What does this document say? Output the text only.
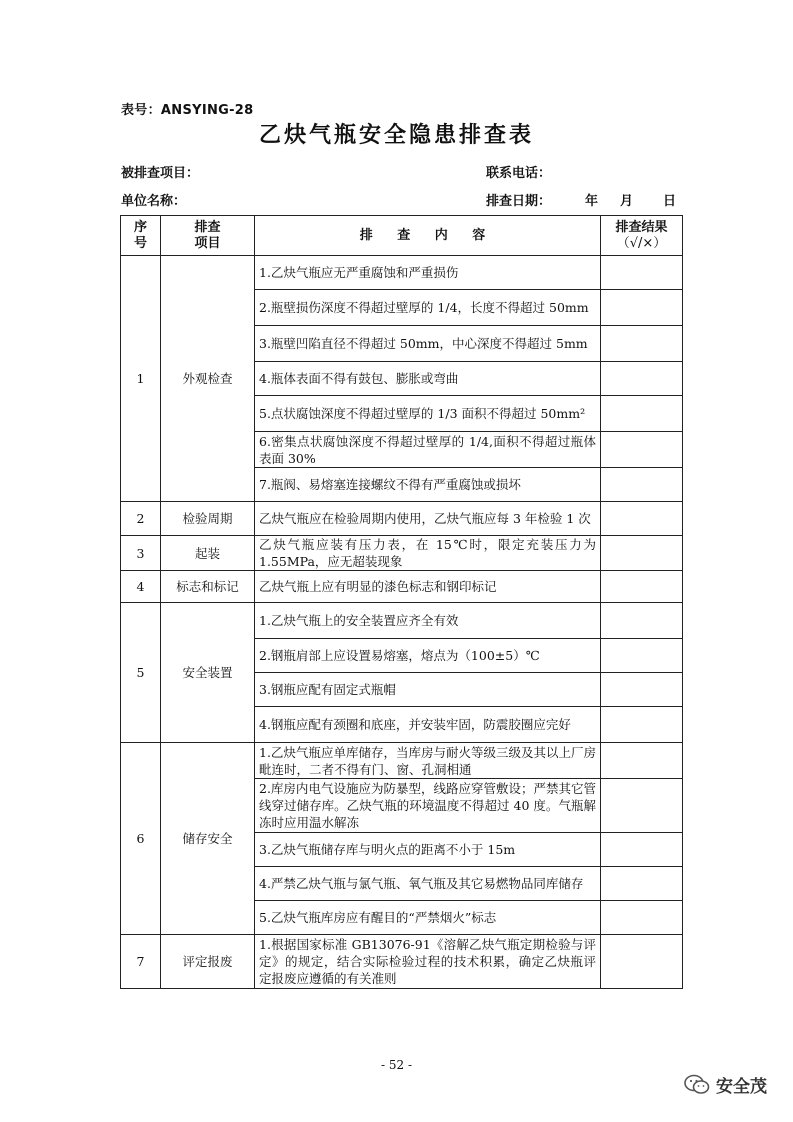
表号：ANSYING-28
乙炔气瓶安全隐患排查表
被排查项目：	联系电话：
单位名称：	排查日期：	年 月 日
序号	排查项目	排 查 内 容	排查结果
（√/×）

1	外观检查	1.乙炔气瓶应无严重腐蚀和严重损伤	
		2.瓶壁损伤深度不得超过壁厚的 1/4，长度不得超过 50mm	
		3.瓶壁凹陷直径不得超过 50mm，中心深度不得超过 5mm	
		4.瓶体表面不得有鼓包、膨胀或弯曲	
		5.点状腐蚀深度不得超过壁厚的 1/3 面积不得超过 50mm²	
		6.密集点状腐蚀深度不得超过壁厚的 1/4,面积不得超过瓶体表面 30%	
		7.瓶阀、易熔塞连接螺纹不得有严重腐蚀或损坏	
2	检验周期	乙炔气瓶应在检验周期内使用，乙炔气瓶应每 3 年检验 1 次	
3	起装	乙炔气瓶应装有压力表，在 15℃时，限定充装压力为 1.55MPa，应无超装现象	
4	标志和标记	乙炔气瓶上应有明显的漆色标志和钢印标记	
5	安全装置	1.乙炔气瓶上的安全装置应齐全有效	
		2.钢瓶肩部上应设置易熔塞，熔点为（100±5）℃	
		3.钢瓶应配有固定式瓶帽	
		4.钢瓶应配有颈圈和底座，并安装牢固，防震胶圈应完好	
6	储存安全	1.乙炔气瓶应单库储存，当库房与耐火等级三级及其以上厂房毗连时，二者不得有门、窗、孔洞相通	
		2.库房内电气设施应为防暴型，线路应穿管敷设；严禁其它管线穿过储存库。乙炔气瓶的环境温度不得超过 40 度。气瓶解冻时应用温水解冻	
		3.乙炔气瓶储存库与明火点的距离不小于 15m	
		4.严禁乙炔气瓶与氯气瓶、氧气瓶及其它易燃物品同库储存	
		5.乙炔气瓶库房应有醒目的“严禁烟火”标志	
7	评定报废	1.根据国家标准 GB13076-91《溶解乙炔气瓶定期检验与评定》的规定，结合实际检验过程的技术积累，确定乙炔瓶评定报废应遵循的有关准则	
- 52 -
安全茂
